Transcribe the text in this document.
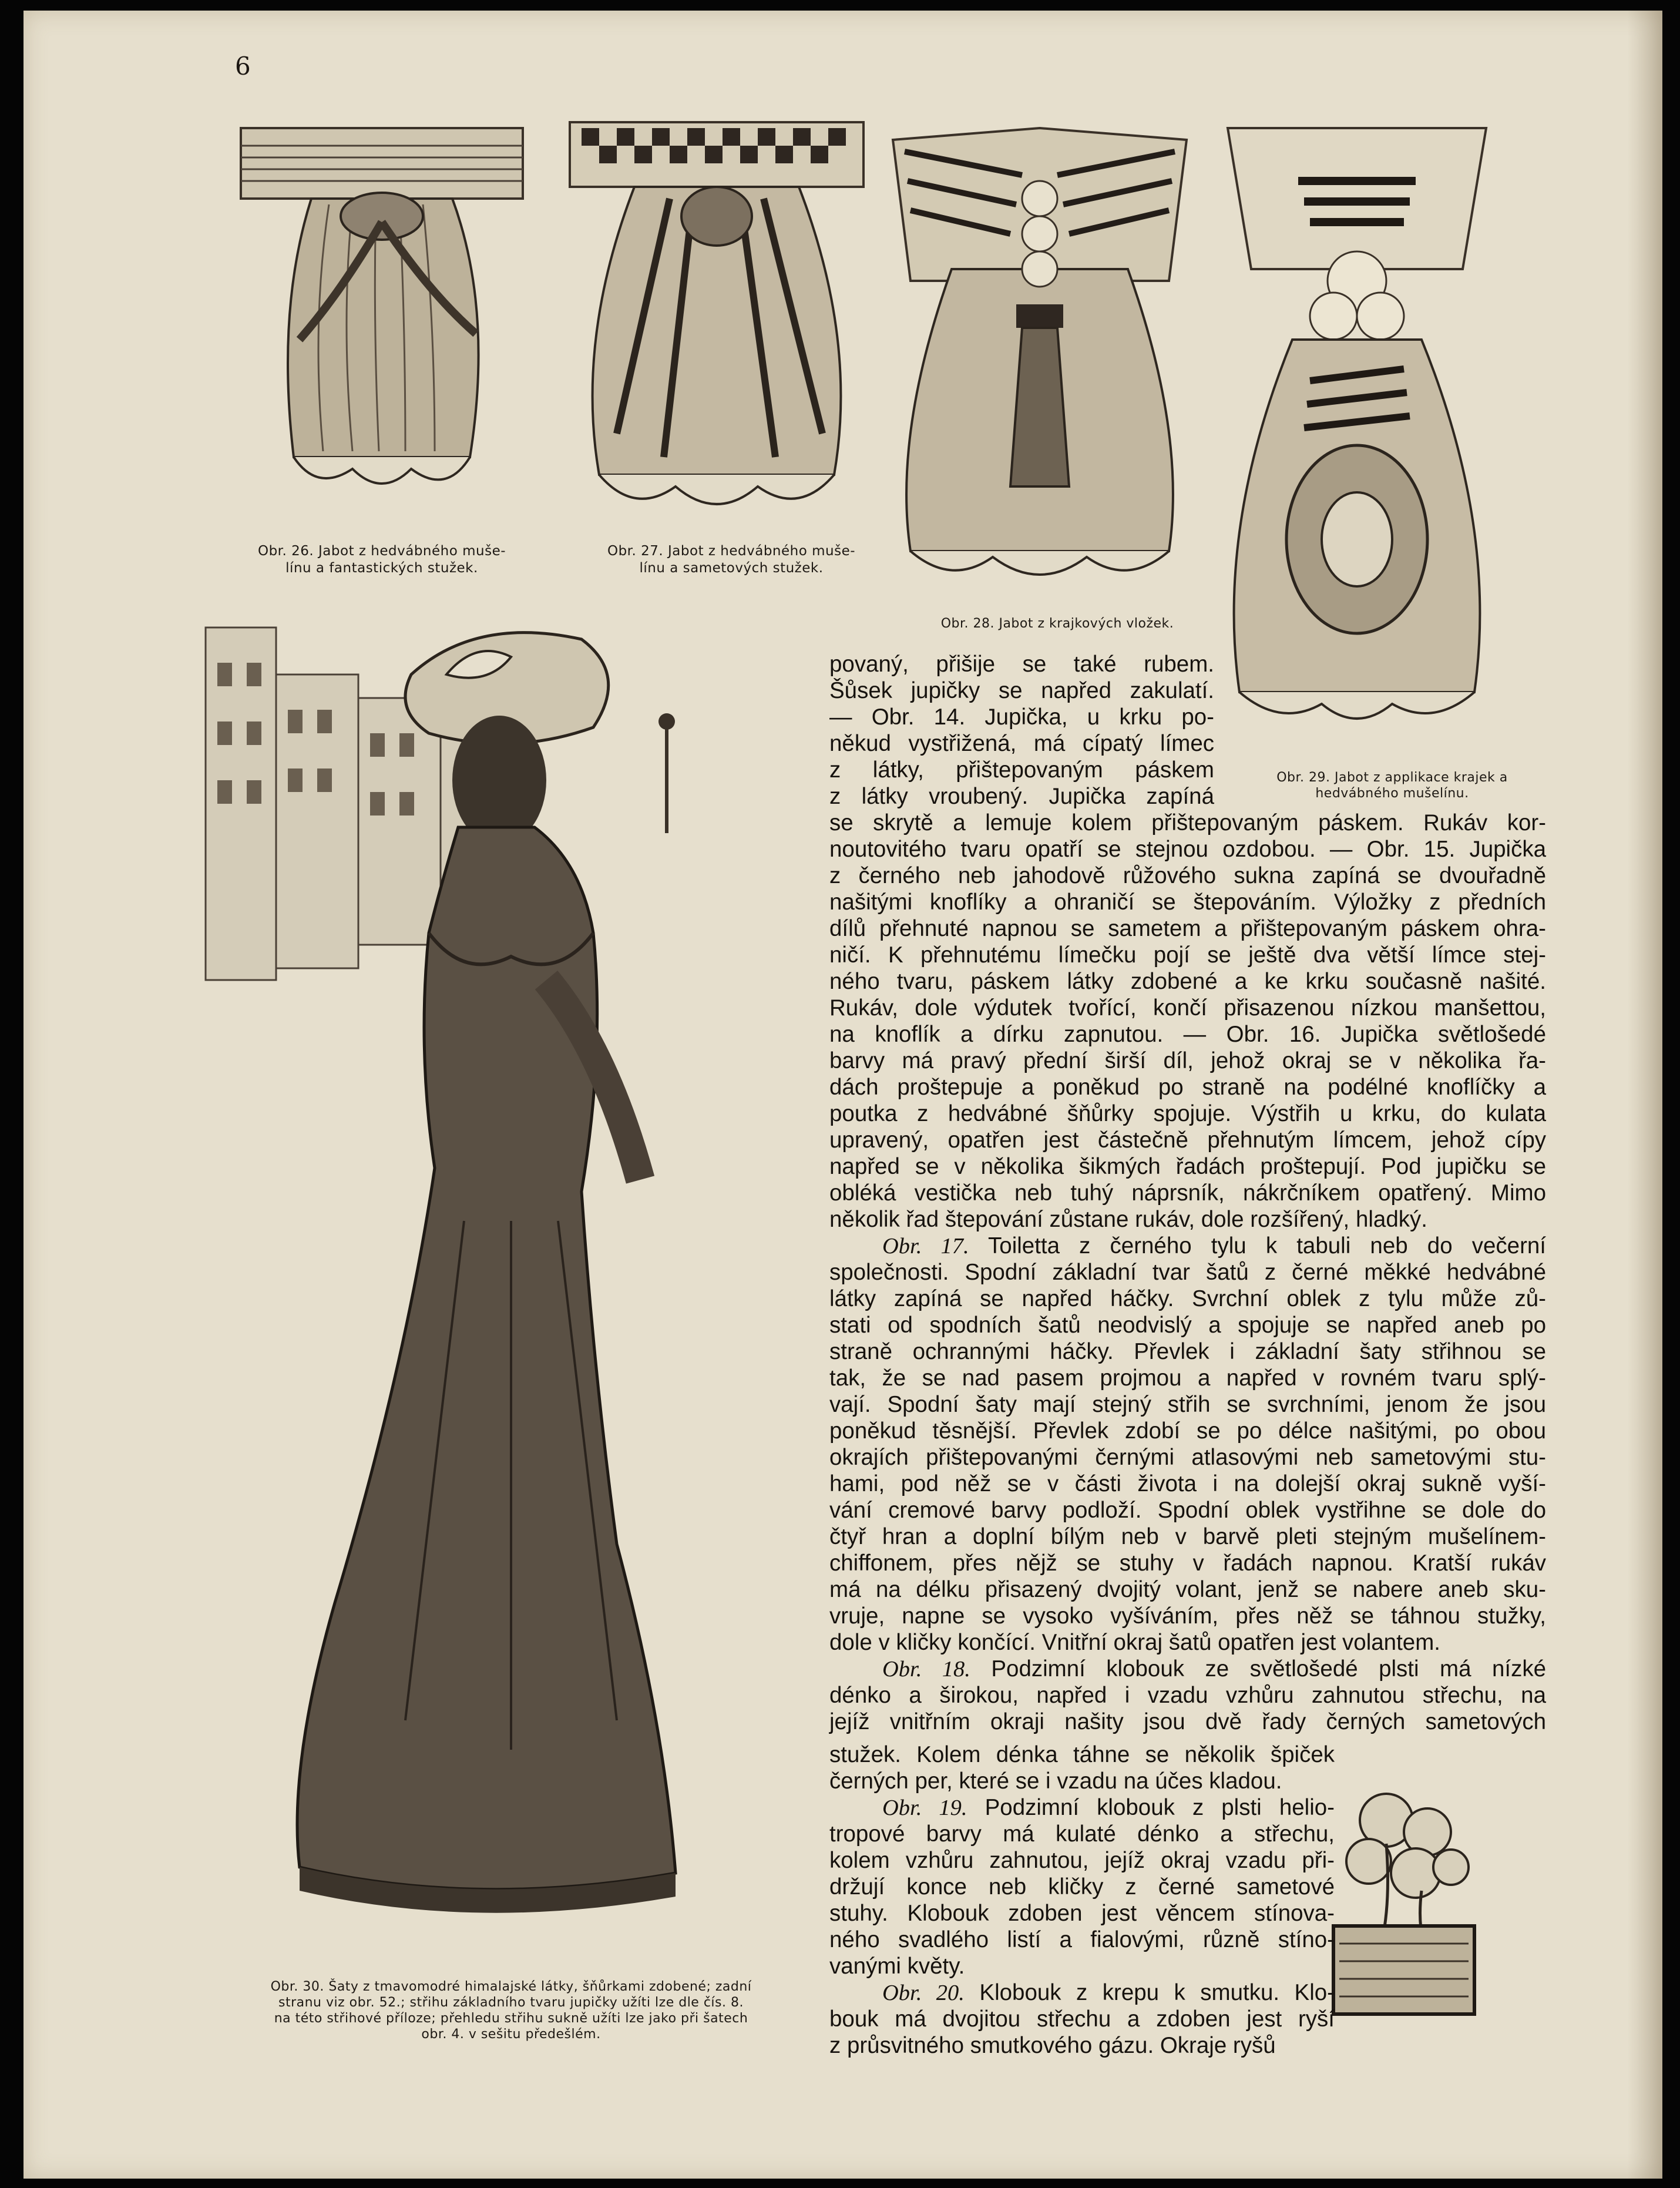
6
Obr. 26. Jabot z hedvábného muše-
línu a fantastických stužek.
Obr. 27. Jabot z hedvábného muše-
línu a sametových stužek.
Obr. 28. Jabot z krajkových vložek.
Obr. 29. Jabot z applikace krajek a
hedvábného mušelínu.
Obr. 30. Šaty z tmavomodré himalajské látky, šňůrkami zdobené; zadní
stranu viz obr. 52.; střihu základního tvaru jupičky užíti lze dle čís. 8.
na této střihové příloze; přehledu střihu sukně užíti lze jako při šatech
obr. 4. v sešitu předešlém.
povaný, přišije se také rubem.
Šůsek jupičky se napřed zakulatí.
— Obr. 14. Jupička, u krku po-
někud vystřižená, má cípatý límec
z látky, přištepovaným páskem
z látky vroubený. Jupička zapíná
se skrytě a lemuje kolem přištepovaným páskem. Rukáv kor-
noutovitého tvaru opatří se stejnou ozdobou. — Obr. 15. Jupička
z černého neb jahodově růžového sukna zapíná se dvouřadně
našitými knoflíky a ohraničí se štepováním. Výložky z předních
dílů přehnuté napnou se sametem a přištepovaným páskem ohra-
ničí. K přehnutému límečku pojí se ještě dva větší límce stej-
ného tvaru, páskem látky zdobené a ke krku současně našité.
Rukáv, dole výdutek tvořící, končí přisazenou nízkou manšettou,
na knoflík a dírku zapnutou. — Obr. 16. Jupička světlošedé
barvy má pravý přední širší díl, jehož okraj se v několika řa-
dách proštepuje a poněkud po straně na podélné knoflíčky a
poutka z hedvábné šňůrky spojuje. Výstřih u krku, do kulata
upravený, opatřen jest částečně přehnutým límcem, jehož cípy
napřed se v několika šikmých řadách proštepují. Pod jupičku se
obléká vestička neb tuhý náprsník, nákrčníkem opatřený. Mimo
několik řad štepování zůstane rukáv, dole rozšířený, hladký.
Obr. 17. Toiletta z černého tylu k tabuli neb do večerní
společnosti. Spodní základní tvar šatů z černé měkké hedvábné
látky zapíná se napřed háčky. Svrchní oblek z tylu může zů-
stati od spodních šatů neodvislý a spojuje se napřed aneb po
straně ochrannými háčky. Převlek i základní šaty střihnou se
tak, že se nad pasem projmou a napřed v rovném tvaru splý-
vají. Spodní šaty mají stejný střih se svrchními, jenom že jsou
poněkud těsnější. Převlek zdobí se po délce našitými, po obou
okrajích přištepovanými černými atlasovými neb sametovými stu-
hami, pod něž se v části života i na dolejší okraj sukně vyší-
vání cremové barvy podloží. Spodní oblek vystřihne se dole do
čtyř hran a doplní bílým neb v barvě pleti stejným mušelínem-
chiffonem, přes nějž se stuhy v řadách napnou. Kratší rukáv
má na délku přisazený dvojitý volant, jenž se nabere aneb sku-
vruje, napne se vysoko vyšíváním, přes něž se táhnou stužky,
dole v kličky končící. Vnitřní okraj šatů opatřen jest volantem.
Obr. 18. Podzimní klobouk ze světlošedé plsti má nízké
dénko a širokou, napřed i vzadu vzhůru zahnutou střechu, na
jejíž vnitřním okraji našity jsou dvě řady černých sametových
stužek. Kolem dénka táhne se několik špiček
černých per, které se i vzadu na účes kladou.
Obr. 19. Podzimní klobouk z plsti helio-
tropové barvy má kulaté dénko a střechu,
kolem vzhůru zahnutou, jejíž okraj vzadu při-
držují konce neb kličky z černé sametové
stuhy. Klobouk zdoben jest věncem stínova-
ného svadlého listí a fialovými, různě stíno-
vanými květy.
Obr. 20. Klobouk z krepu k smutku. Klo-
bouk má dvojitou střechu a zdoben jest ryší
z průsvitného smutkového gázu. Okraje ryšů
